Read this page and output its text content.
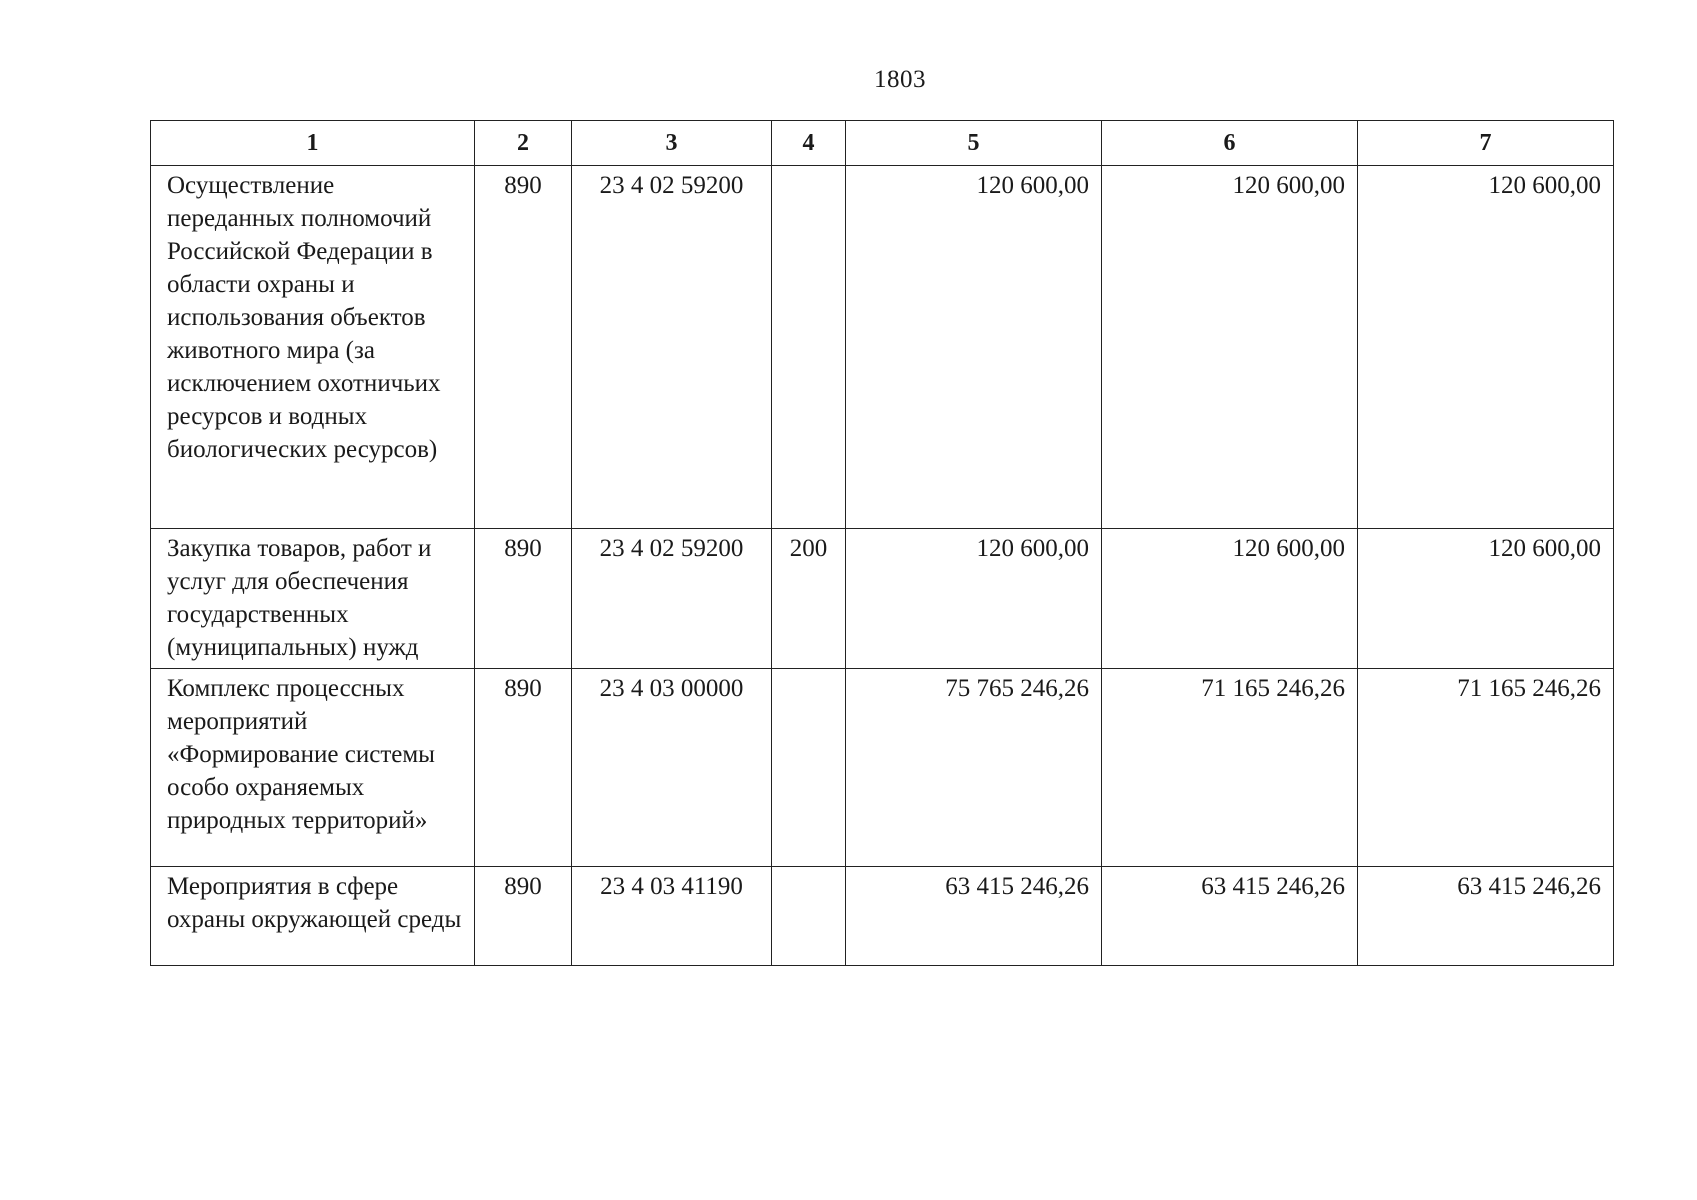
1803
1	2	3	4	5	6	7
Осуществление переданных полномочий Российской Федерации в области охраны и использования объектов животного мира (за исключением охотничьих ресурсов и водных биологических ресурсов)	890	23 4 02 59200		120 600,00	120 600,00	120 600,00
Закупка товаров, работ и услуг для обеспечения государственных (муниципальных) нужд	890	23 4 02 59200	200	120 600,00	120 600,00	120 600,00
Комплекс процессных мероприятий «Формирование системы особо охраняемых природных территорий»	890	23 4 03 00000		75 765 246,26	71 165 246,26	71 165 246,26
Мероприятия в сфере охраны окружающей среды	890	23 4 03 41190		63 415 246,26	63 415 246,26	63 415 246,26
